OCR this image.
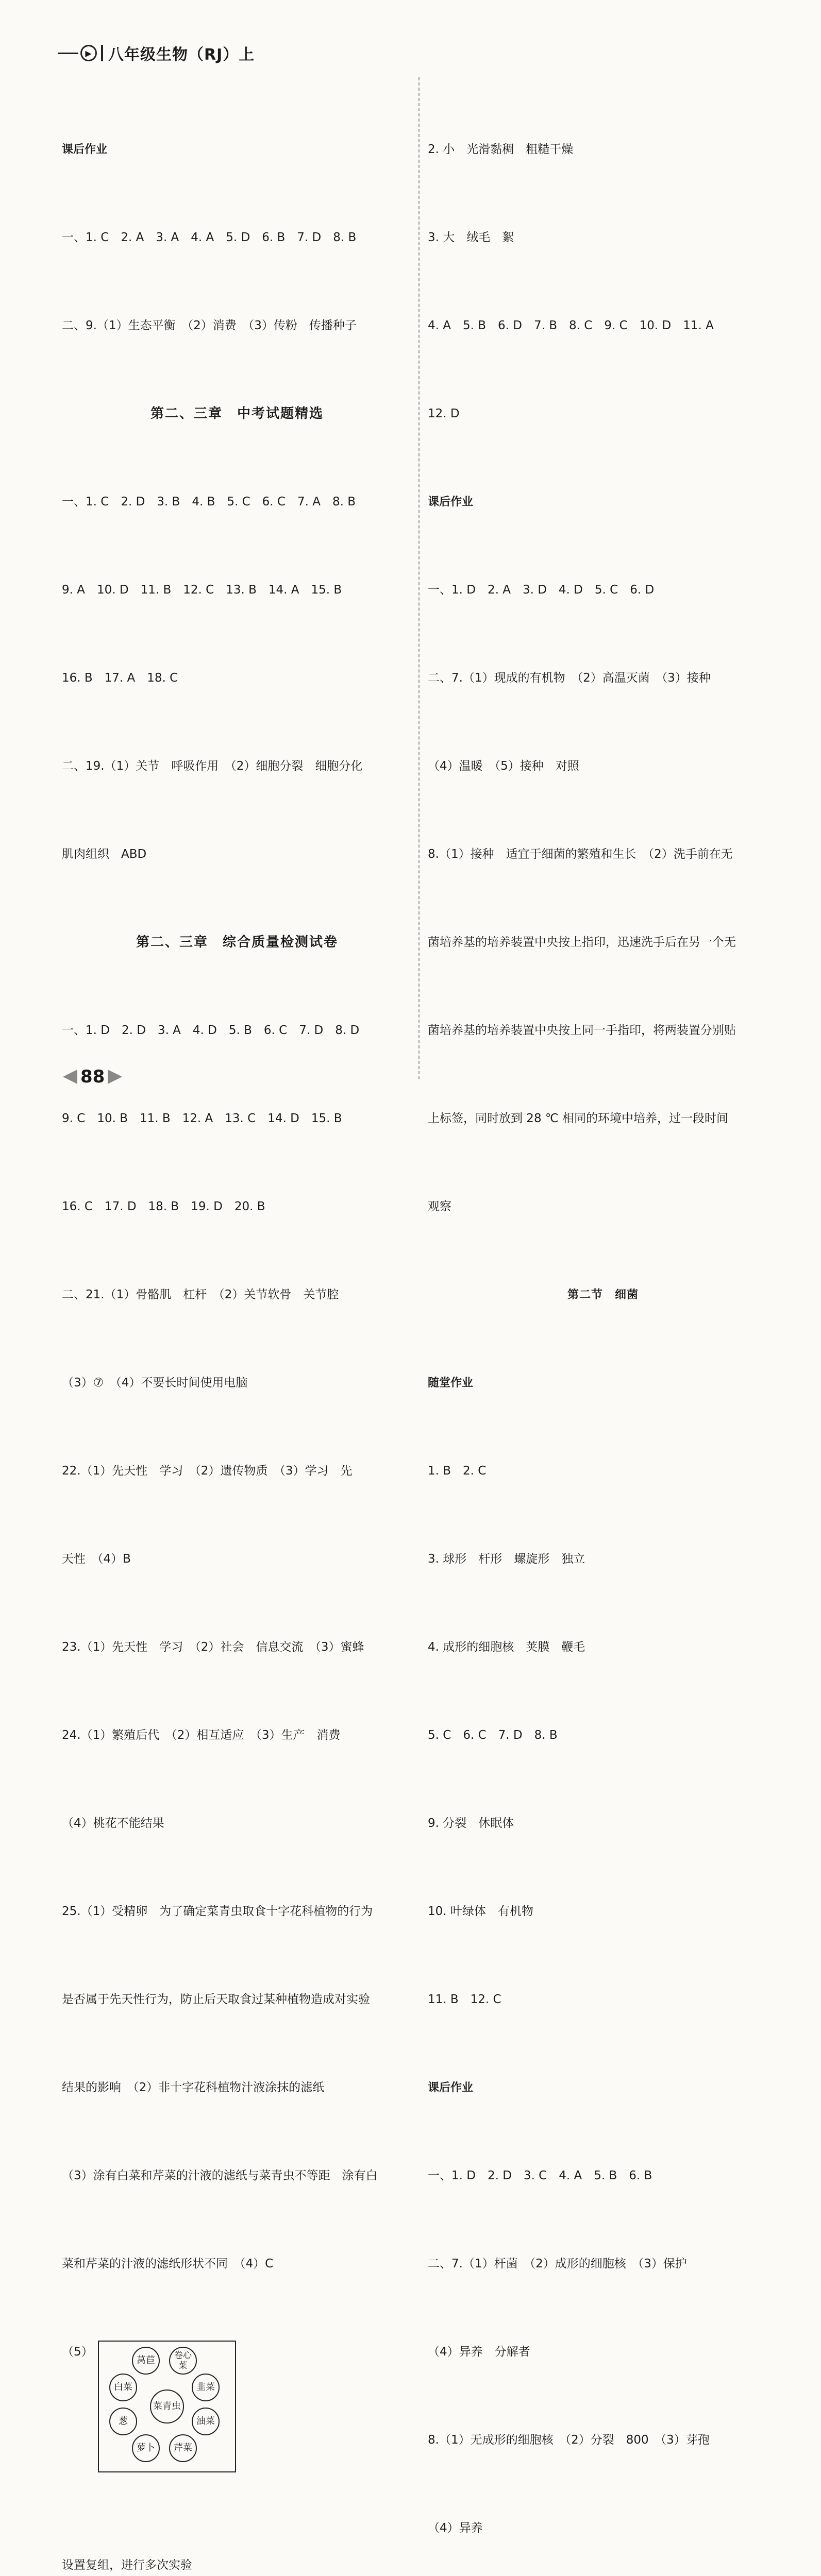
▶	八年级生物（RJ）上

课后作业

一、1. C　2. A　3. A　4. A　5. D　6. B　7. D　8. B

二、9.（1）生态平衡　（2）消费　（3）传粉　传播种子

第二、三章　中考试题精选

一、1. C　2. D　3. B　4. B　5. C　6. C　7. A　8. B

9. A　10. D　11. B　12. C　13. B　14. A　15. B

16. B　17. A　18. C

二、19.（1）关节　呼吸作用　（2）细胞分裂　细胞分化

肌肉组织　ABD

第二、三章　综合质量检测试卷

一、1. D　2. D　3. A　4. D　5. B　6. C　7. D　8. D

9. C　10. B　11. B　12. A　13. C　14. D　15. B

16. C　17. D　18. B　19. D　20. B

二、21.（1）骨骼肌　杠杆　（2）关节软骨　关节腔

（3）⑦　（4）不要长时间使用电脑

22.（1）先天性　学习　（2）遗传物质　（3）学习　先

天性　（4）B

23.（1）先天性　学习　（2）社会　信息交流　（3）蜜蜂

24.（1）繁殖后代　（2）相互适应　（3）生产　消费

（4）桃花不能结果

25.（1）受精卵　为了确定菜青虫取食十字花科植物的行为

是否属于先天性行为，防止后天取食过某种植物造成对实验

结果的影响　（2）非十字花科植物汁液涂抹的滤纸

（3）涂有白菜和芹菜的汁液的滤纸与菜青虫不等距　涂有白

菜和芹菜的汁液的滤纸形状不同　（4）C

（5）

莴苣

	卷心菜

韭菜

油菜

芹菜

萝卜

葱

白菜

菜青虫

设置复组，进行多次实验

2. 小　光滑黏稠　粗糙干燥

3. 大　绒毛　絮

4. A　5. B　6. D　7. B　8. C　9. C　10. D　11. A

12. D

课后作业

一、1. D　2. A　3. D　4. D　5. C　6. D

二、7.（1）现成的有机物　（2）高温灭菌　（3）接种

（4）温暖　（5）接种　对照

8.（1）接种　适宜于细菌的繁殖和生长　（2）洗手前在无

菌培养基的培养装置中央按上指印，迅速洗手后在另一个无

菌培养基的培养装置中央按上同一手指印，将两装置分别贴

上标签，同时放到 28 ℃ 相同的环境中培养，过一段时间

观察

第二节　细菌

随堂作业

1. B　2. C

3. 球形　杆形　螺旋形　独立

4. 成形的细胞核　荚膜　鞭毛

5. C　6. C　7. D　8. B

9. 分裂　休眠体

10. 叶绿体　有机物

11. B　12. C

课后作业

一、1. D　2. D　3. C　4. A　5. B　6. B

二、7.（1）杆菌　（2）成形的细胞核　（3）保护

（4）异养　分解者

8.（1）无成形的细胞核　（2）分裂　800　（3）芽孢

（4）异养

88
